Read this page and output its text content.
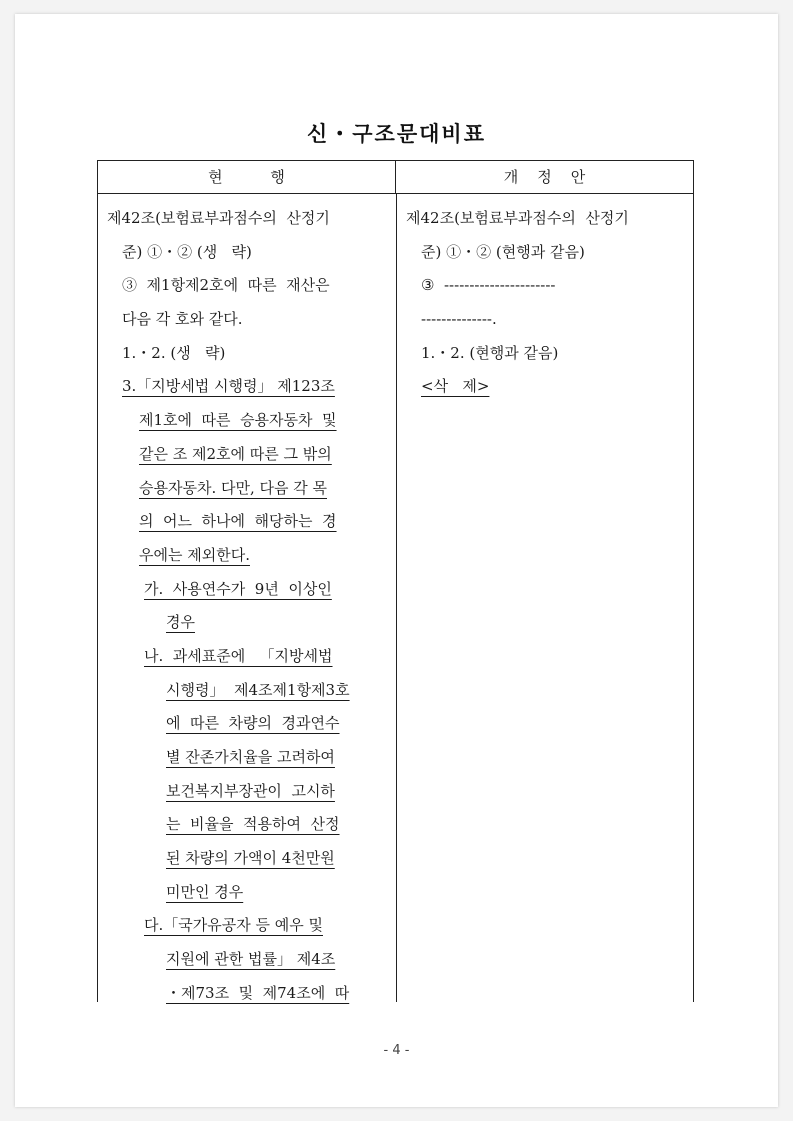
신・구조문대비표
현          행	개    정    안
제42조(보험료부과점수의  산정기
준) ①・② (생   략)
③  제1항제2호에  따른  재산은
다음 각 호와 같다.
1.・2. (생   략)
3.「지방세법 시행령」 제123조
제1호에  따른  승용자동차  및
같은 조 제2호에 따른 그 밖의
승용자동차. 다만, 다음 각 목
의  어느  하나에  해당하는  경
우에는 제외한다.
가.  사용연수가  9년  이상인
경우
나.  과세표준에   「지방세법
시행령」  제4조제1항제3호
에  따른  차량의  경과연수
별 잔존가치율을 고려하여
보건복지부장관이  고시하
는  비율을  적용하여  산정
된 차량의 가액이 4천만원
미만인 경우
다.「국가유공자 등 예우 및
지원에 관한 법률」 제4조
・제73조  및  제74조에  따
제42조(보험료부과점수의  산정기
준) ①・② (현행과 같음)
③  ----------------------
--------------.
1.・2. (현행과 같음)
<삭   제>
- 4 -
